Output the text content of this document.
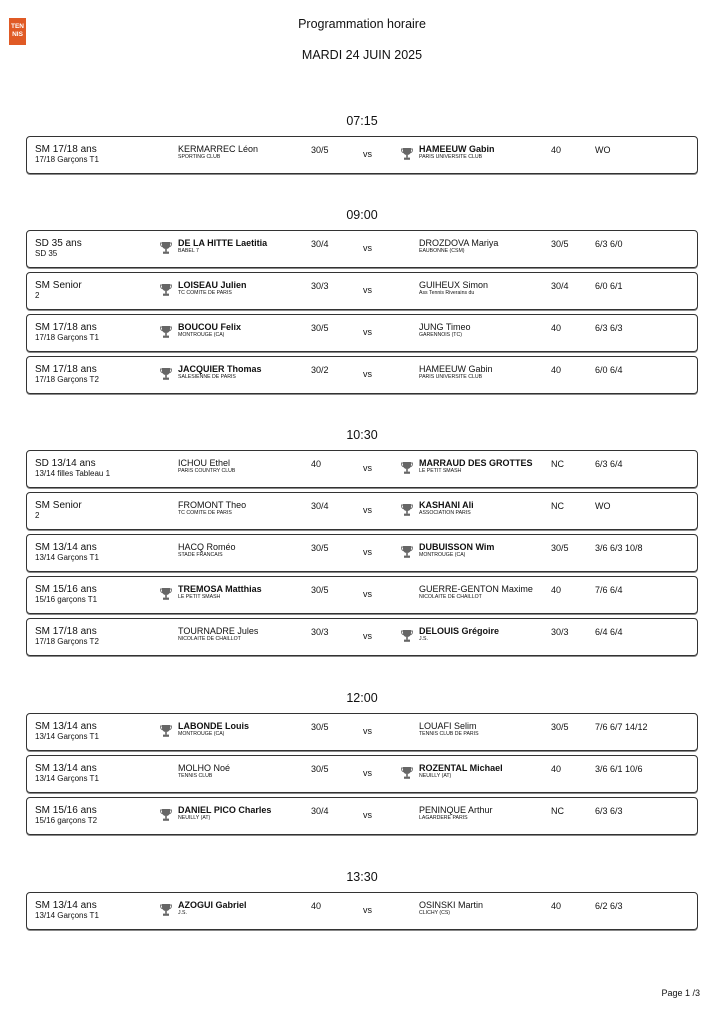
TEN
NIS
Programmation horaire
MARDI 24 JUIN 2025
07:15
SM 17/18 ans
17/18 Garçons T1
KERMARREC Léon
SPORTING CLUB
30/5	vs	HAMEEUW Gabin
PARIS UNIVERSITE CLUB
40	WO
09:00
SD 35 ans
SD 35
DE LA HITTE Laetitia
BABEL 7
30/4	vs	DROZDOVA Mariya
EAUBONNE (CSM)
30/5	6/3 6/0
SM Senior
2
LOISEAU Julien
TC COMITE DE PARIS
30/3	vs	GUIHEUX Simon
Ass Tennis Riverains du
30/4	6/0 6/1
SM 17/18 ans
17/18 Garçons T1
BOUCOU Felix
MONTROUGE (CA)
30/5	vs	JUNG Timeo
GARENNOIS (TC)
40	6/3 6/3
SM 17/18 ans
17/18 Garçons T2
JACQUIER Thomas
SALESIENNE DE PARIS
30/2	vs	HAMEEUW Gabin
PARIS UNIVERSITE CLUB
40	6/0 6/4
10:30
SD 13/14 ans
13/14 filles Tableau 1
ICHOU Ethel
PARIS COUNTRY CLUB
40	vs	MARRAUD DES GROTTES
LE PETIT SMASH
NC	6/3 6/4
SM Senior
2
FROMONT Theo
TC COMITE DE PARIS
30/4	vs	KASHANI Ali
ASSOCIATION PARIS
NC	WO
SM 13/14 ans
13/14 Garçons T1
HACQ Roméo
STADE FRANCAIS
30/5	vs	DUBUISSON Wim
MONTROUGE (CA)
30/5	3/6 6/3 10/8
SM 15/16 ans
15/16 garçons T1
TREMOSA Matthias
LE PETIT SMASH
30/5	vs	GUERRE-GENTON Maxime
NICOLAITE DE CHAILLOT
40	7/6 6/4
SM 17/18 ans
17/18 Garçons T2
TOURNADRE Jules
NICOLAITE DE CHAILLOT
30/3	vs	DELOUIS Grégoire
J.S.
30/3	6/4 6/4
12:00
SM 13/14 ans
13/14 Garçons T1
LABONDE Louis
MONTROUGE (CA)
30/5	vs	LOUAFI Selim
TENNIS CLUB DE PARIS
30/5	7/6 6/7 14/12
SM 13/14 ans
13/14 Garçons T1
MOLHO Noé
TENNIS CLUB
30/5	vs	ROZENTAL Michael
NEUILLY (AT)
40	3/6 6/1 10/6
SM 15/16 ans
15/16 garçons T2
DANIEL PICO Charles
NEUILLY (AT)
30/4	vs	PENINQUE Arthur
LAGARDERE PARIS
NC	6/3 6/3
13:30
SM 13/14 ans
13/14 Garçons T1
AZOGUI Gabriel
J.S.
40	vs	OSINSKI Martin
CLICHY (CS)
40	6/2 6/3
Page 1 /3
